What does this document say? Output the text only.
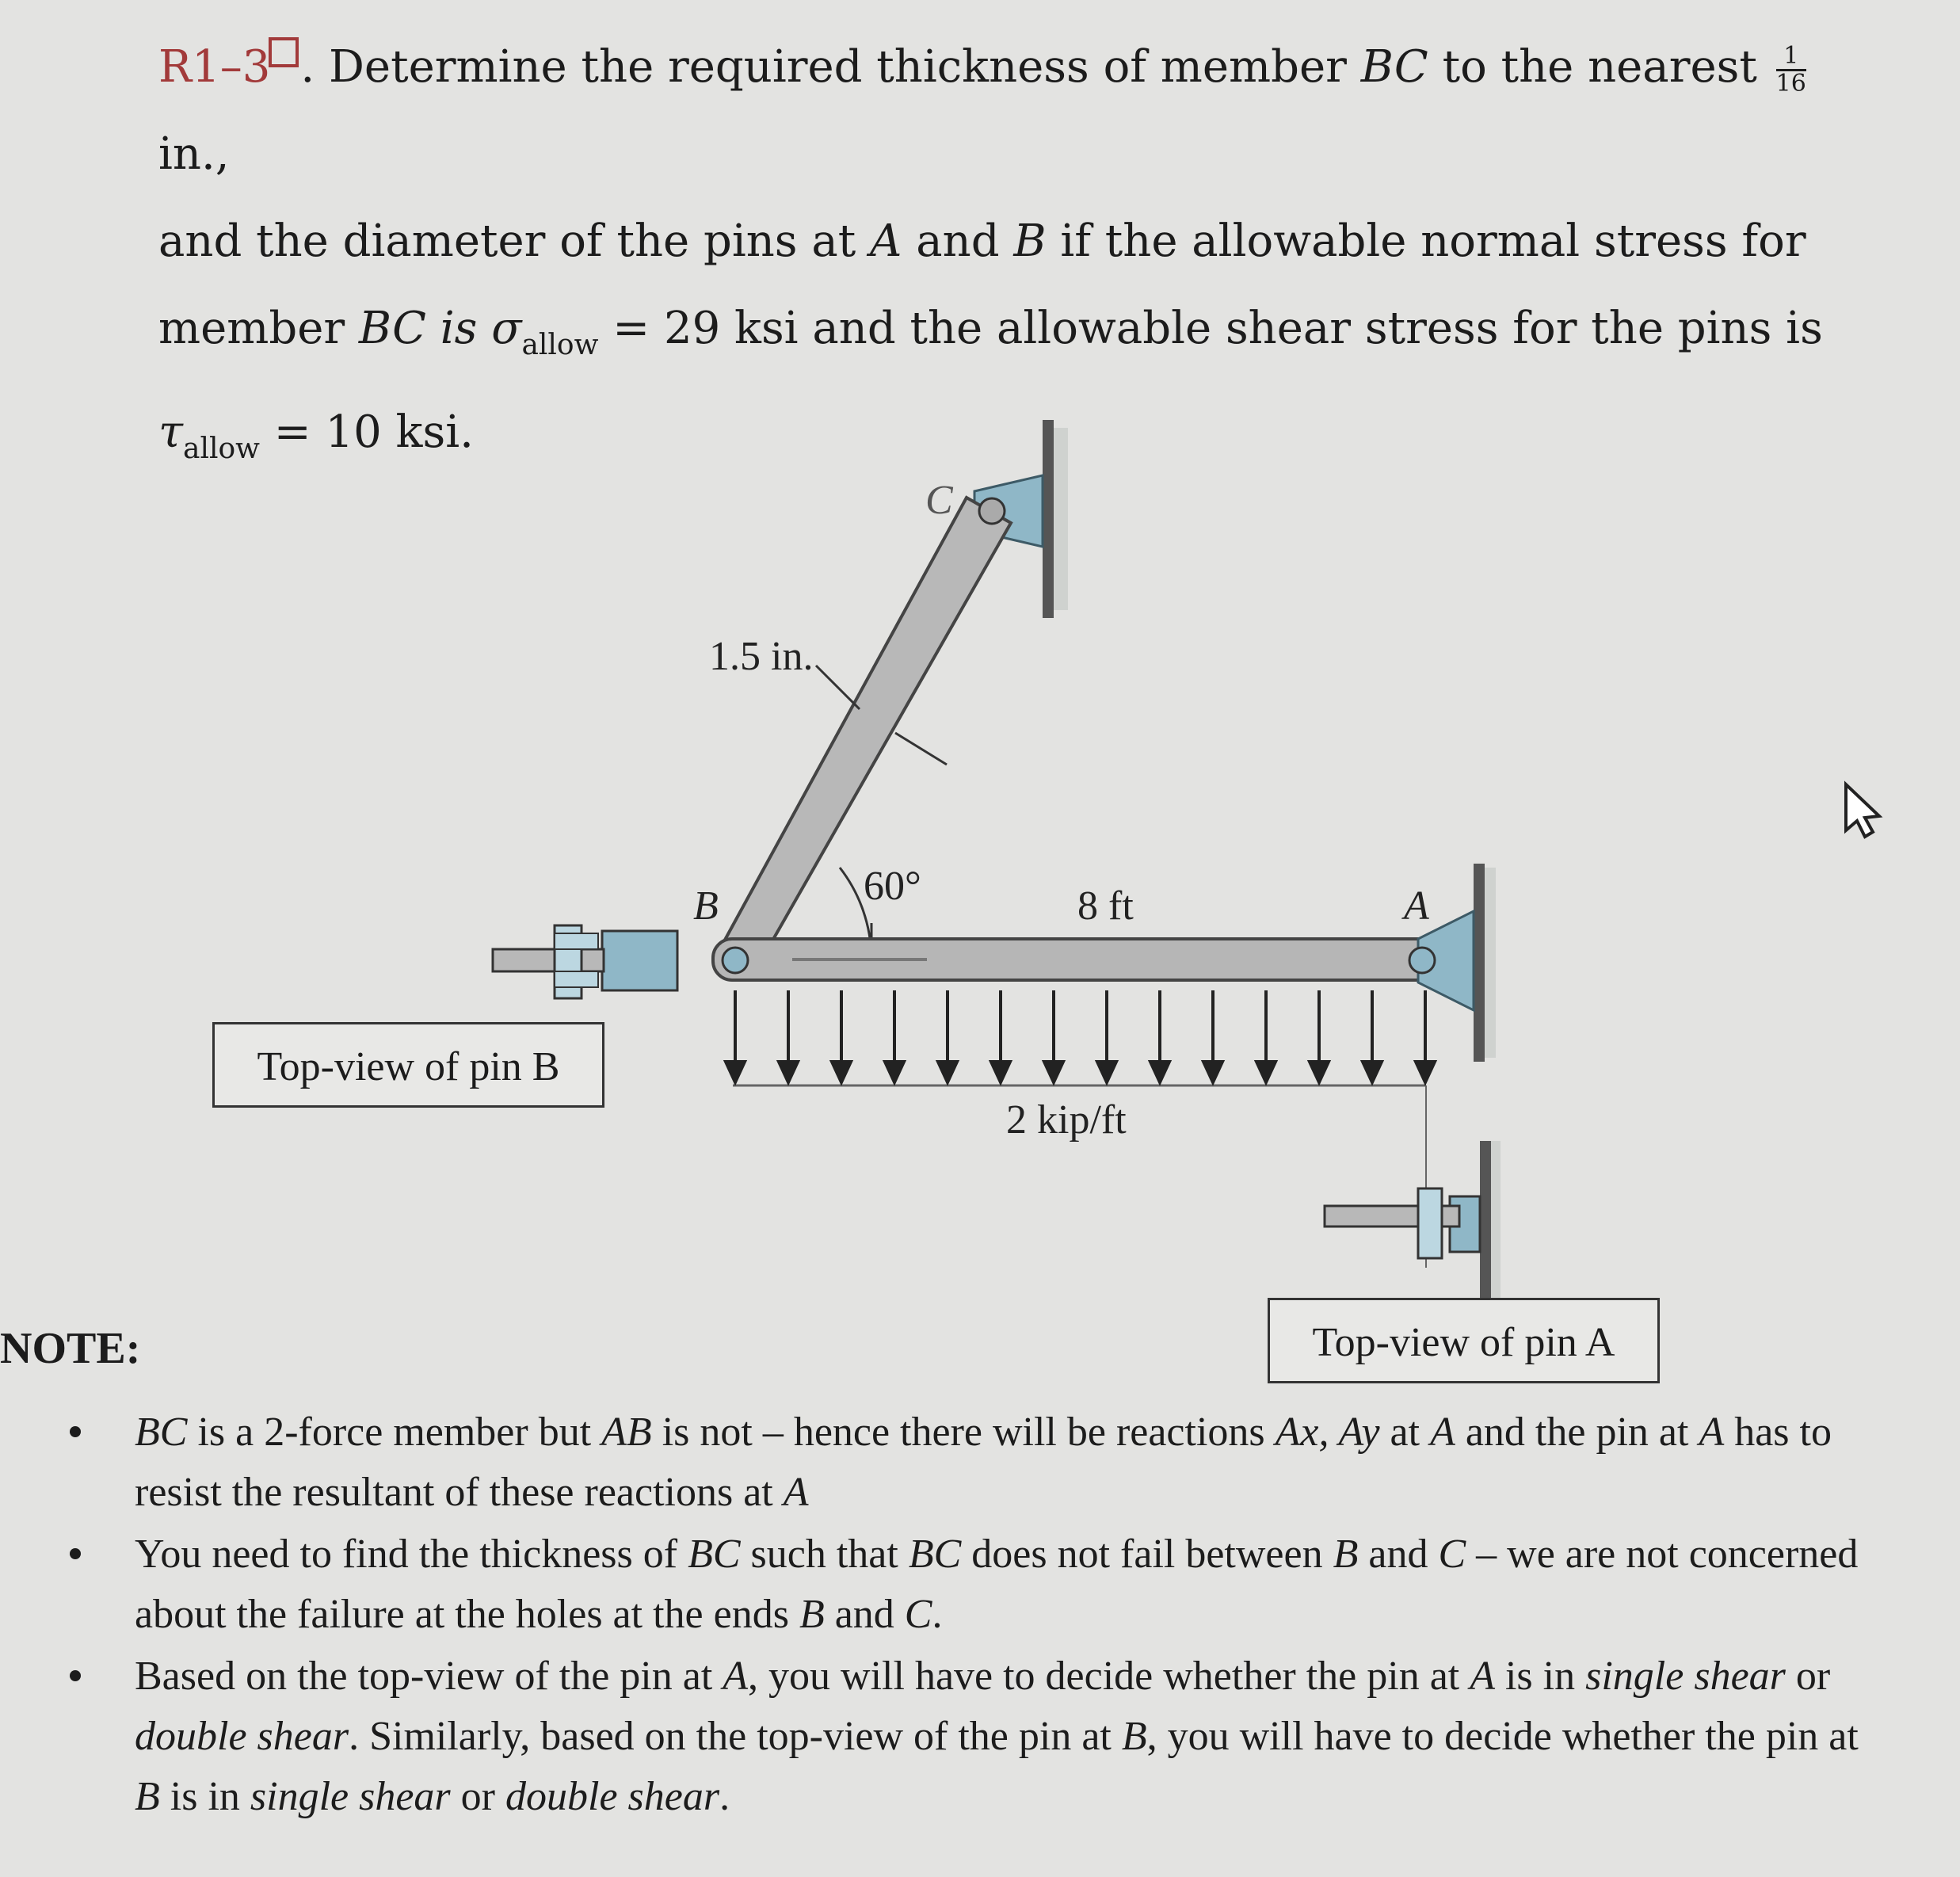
R1–3 . Determine the required thickness of member BC to the nearest $\frac{1}{16}$
in.,

and the diameter of the pins at A and B if the allowable normal stress for

member BC is $\sigma_{allow} = 29$ ksi and the allowable shear stress for the pins is

$\tau_{allow} = 10$ ksi.

C
1.5 in.
60°
B	8 ft	A
2 kip/ft
Top-view of pin B
Top-view of pin A
NOTE:
BC is a 2-force member but AB is not – hence there will be reactions Ax, Ay at A and the pin at A has to resist the resultant of these reactions at A
You need to find the thickness of BC such that BC does not fail between B and C – we are not concerned about the failure at the holes at the ends B and C.
Based on the top-view of the pin at A, you will have to decide whether the pin at A is in single shear or double shear. Similarly, based on the top-view of the pin at B, you will have to decide whether the pin at B is in single shear or double shear.
